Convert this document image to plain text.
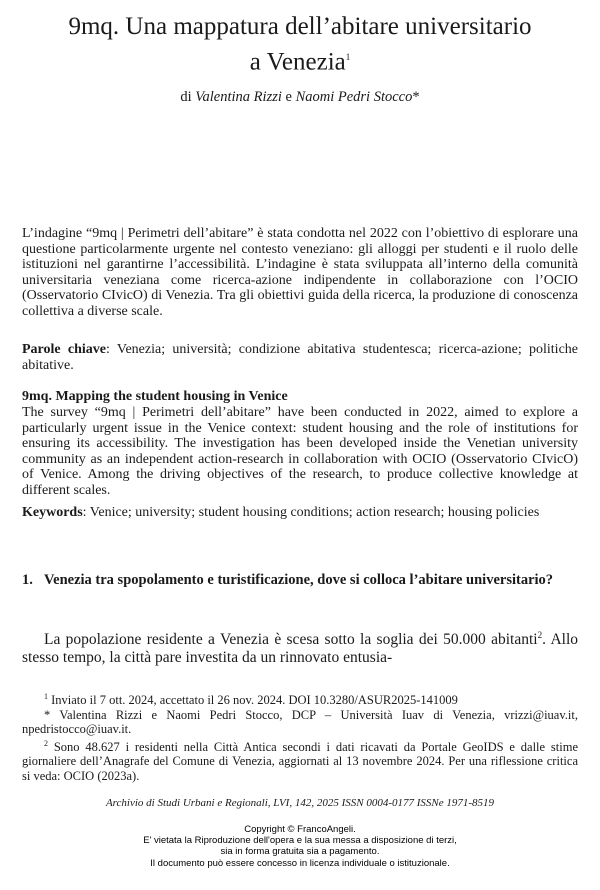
9mq. Una mappatura dell’abitare universitario
a Venezia$^1$
di Valentina Rizzi e Naomi Pedri Stocco*
L’indagine “9mq | Perimetri dell’abitare” è stata condotta nel 2022 con l’obiettivo di esplorare una questione particolarmente urgente nel contesto veneziano: gli alloggi per studenti e il ruolo delle istituzioni nel garantirne l’accessibilità. L’indagine è stata sviluppata all’interno della comunità universitaria veneziana come ricerca-azione indipendente in collaborazione con l’OCIO (Osservatorio CIvicO) di Venezia. Tra gli obiettivi guida della ricerca, la produzione di conoscenza collettiva a diverse scale.
Parole chiave: Venezia; università; condizione abitativa studentesca; ricerca-azione; politiche abitative.
9mq. Mapping the student housing in Venice
The survey “9mq | Perimetri dell’abitare” have been conducted in 2022, aimed to explore a particularly urgent issue in the Venice context: student housing and the role of institutions for ensuring its accessibility. The investigation has been developed inside the Venetian university community as an independent action-research in collaboration with OCIO (Osservatorio CIvicO) of Venice. Among the driving objectives of the research, to produce collective knowledge at different scales.
Keywords: Venice; university; student housing conditions; action research; housing policies
1. Venezia tra spopolamento e turistificazione, dove si colloca l’abitare universitario?
La popolazione residente a Venezia è scesa sotto la soglia dei 50.000 abitanti$^2$. Allo stesso tempo, la città pare investita da un rinnovato entusia-

$^1$ Inviato il 7 ott. 2024, accettato il 26 nov. 2024. DOI 10.3280/ASUR2025-141009

* Valentina Rizzi e Naomi Pedri Stocco, DCP – Università Iuav di Venezia, vrizzi@iuav.it, npedristocco@iuav.it.

$^2$ Sono 48.627 i residenti nella Città Antica secondi i dati ricavati da Portale GeoIDS e dalle stime giornaliere dell’Anagrafe del Comune di Venezia, aggiornati al 13 novembre 2024. Per una riflessione critica si veda: OCIO (2023a).

Archivio di Studi Urbani e Regionali, LVI, 142, 2025 ISSN 0004-0177 ISSNe 1971-8519
Copyright © FrancoAngeli.
E' vietata la Riproduzione dell'opera e la sua messa a disposizione di terzi,
sia in forma gratuita sia a pagamento.
Il documento può essere concesso in licenza individuale o istituzionale.
